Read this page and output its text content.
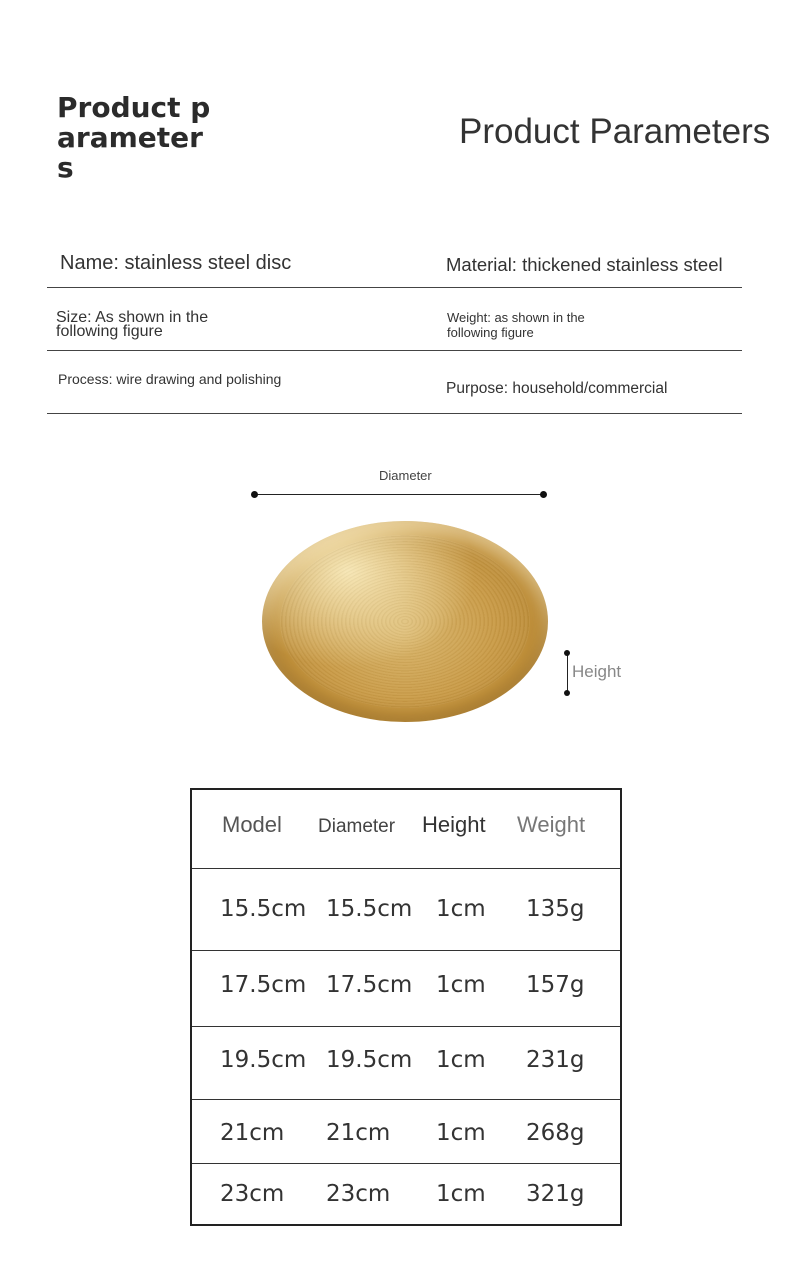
Product parameters
Product Parameters
Name: stainless steel disc	Material: thickened stainless steel
Size: As shown in the following figure
Weight: as shown in the following figure
Process: wire drawing and polishing
Purpose: household/commercial
Diameter
Height
Model Diameter Height Weight
15.5cm 15.5cm 1cm 135g
17.5cm 17.5cm 1cm 157g
19.5cm 19.5cm 1cm 231g
21cm 21cm 1cm 268g
23cm 23cm 1cm 321g
